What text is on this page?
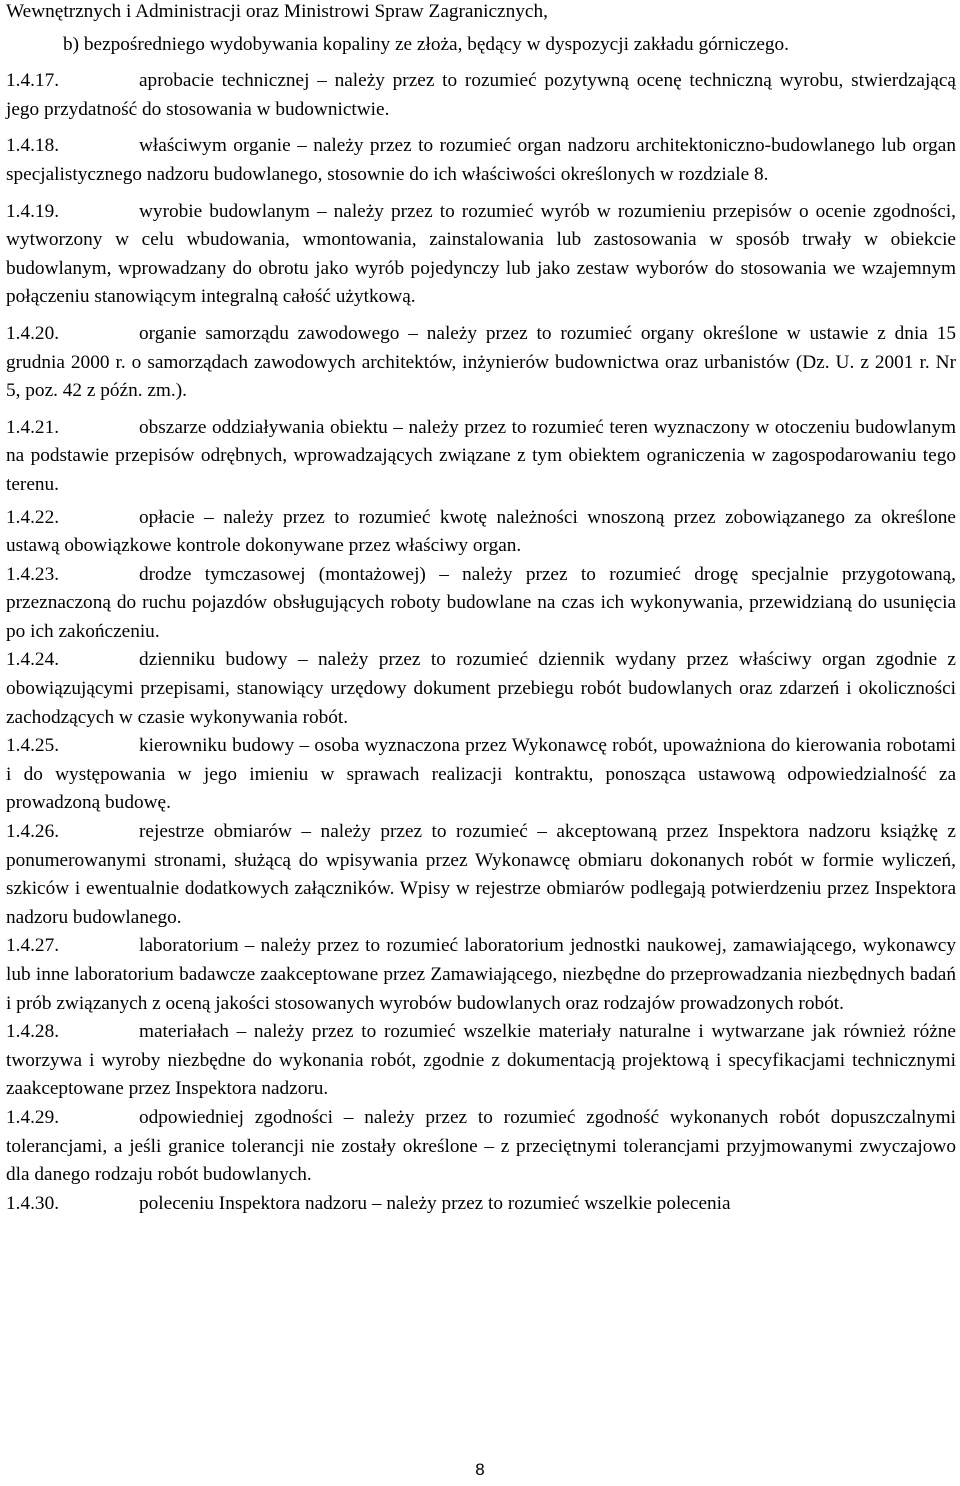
Wewnętrznych i Administracji oraz Ministrowi Spraw Zagranicznych,

b) bezpośredniego wydobywania kopaliny ze złoża, będący w dyspozycji zakładu górniczego.

1.4.17.	aprobacie technicznej – należy przez to rozumieć pozytywną ocenę techniczną wyrobu, stwierdzającą jego przydatność do stosowania w budownictwie.

1.4.18.	właściwym organie – należy przez to rozumieć organ nadzoru architektoniczno-budowlanego lub organ specjalistycznego nadzoru budowlanego, stosownie do ich właściwości określonych w rozdziale 8.

1.4.19.	wyrobie budowlanym – należy przez to rozumieć wyrób w rozumieniu przepisów o ocenie zgodności, wytworzony w celu wbudowania, wmontowania, zainstalowania lub zastosowania w sposób trwały w obiekcie budowlanym, wprowadzany do obrotu jako wyrób pojedynczy lub jako zestaw wyborów do stosowania we wzajemnym połączeniu stanowiącym integralną całość użytkową.

1.4.20.	organie samorządu zawodowego – należy przez to rozumieć organy określone w ustawie z dnia 15 grudnia 2000 r. o samorządach zawodowych architektów, inżynierów budownictwa oraz urbanistów (Dz. U. z 2001 r. Nr 5, poz. 42 z późn. zm.).

1.4.21.	obszarze oddziaływania obiektu – należy przez to rozumieć teren wyznaczony w otoczeniu budowlanym na podstawie przepisów odrębnych, wprowadzających związane z tym obiektem ograniczenia w zagospodarowaniu tego terenu.

1.4.22.	opłacie – należy przez to rozumieć kwotę należności wnoszoną przez zobowiązanego za określone ustawą obowiązkowe kontrole dokonywane przez właściwy organ.

1.4.23.	drodze tymczasowej (montażowej) – należy przez to rozumieć drogę specjalnie przygotowaną, przeznaczoną do ruchu pojazdów obsługujących roboty budowlane na czas ich wykonywania, przewidzianą do usunięcia po ich zakończeniu.

1.4.24.	dzienniku budowy – należy przez to rozumieć dziennik wydany przez właściwy organ zgodnie z obowiązującymi przepisami, stanowiący urzędowy dokument przebiegu robót budowlanych oraz zdarzeń i okoliczności zachodzących w czasie wykonywania robót.

1.4.25.	kierowniku budowy – osoba wyznaczona przez Wykonawcę robót, upoważniona do kierowania robotami i do występowania w jego imieniu w sprawach realizacji kontraktu, ponosząca ustawową odpowiedzialność za prowadzoną budowę.

1.4.26.	rejestrze obmiarów – należy przez to rozumieć – akceptowaną przez Inspektora nadzoru książkę z ponumerowanymi stronami, służącą do wpisywania przez Wykonawcę obmiaru dokonanych robót w formie wyliczeń, szkiców i ewentualnie dodatkowych załączników. Wpisy w rejestrze obmiarów podlegają potwierdzeniu przez Inspektora nadzoru budowlanego.

1.4.27.	laboratorium – należy przez to rozumieć laboratorium jednostki naukowej, zamawiającego, wykonawcy lub inne laboratorium badawcze zaakceptowane przez Zamawiającego, niezbędne do przeprowadzania niezbędnych badań i prób związanych z oceną jakości stosowanych wyrobów budowlanych oraz rodzajów prowadzonych robót.

1.4.28.	materiałach – należy przez to rozumieć wszelkie materiały naturalne i wytwarzane jak również różne tworzywa i wyroby niezbędne do wykonania robót, zgodnie z dokumentacją projektową i specyfikacjami technicznymi zaakceptowane przez Inspektora nadzoru.

1.4.29.	odpowiedniej zgodności – należy przez to rozumieć zgodność wykonanych robót dopuszczalnymi tolerancjami, a jeśli granice tolerancji nie zostały określone – z przeciętnymi tolerancjami przyjmowanymi zwyczajowo dla danego rodzaju robót budowlanych.

1.4.30.	poleceniu Inspektora nadzoru – należy przez to rozumieć wszelkie polecenia

8
